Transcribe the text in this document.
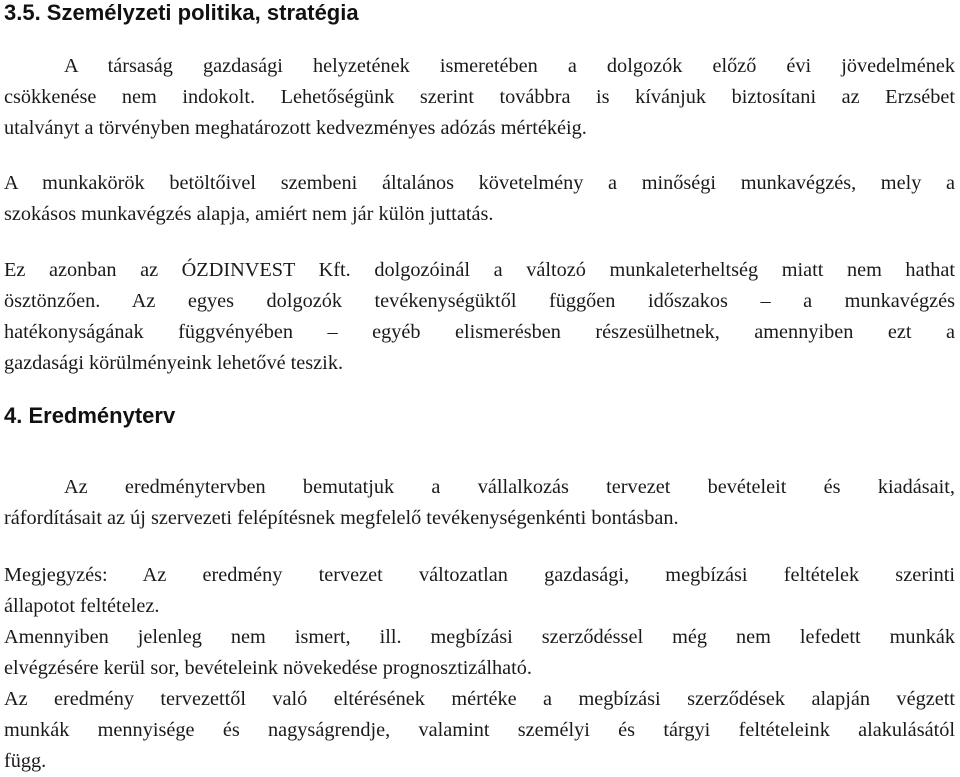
3.5. Személyzeti politika, stratégia
A társaság gazdasági helyzetének ismeretében a dolgozók előző évi jövedelmének
csökkenése nem indokolt. Lehetőségünk szerint továbbra is kívánjuk biztosítani az Erzsébet
utalványt a törvényben meghatározott kedvezményes adózás mértékéig.
A munkakörök betöltőivel szembeni általános követelmény a minőségi munkavégzés, mely a
szokásos munkavégzés alapja, amiért nem jár külön juttatás.
Ez azonban az ÓZDINVEST Kft. dolgozóinál a változó munkaleterheltség miatt nem hathat
ösztönzően. Az egyes dolgozók tevékenységüktől függően időszakos – a munkavégzés
hatékonyságának függvényében – egyéb elismerésben részesülhetnek, amennyiben ezt a
gazdasági körülményeink lehetővé teszik.
4. Eredményterv
Az eredménytervben bemutatjuk a vállalkozás tervezet bevételeit és kiadásait,
ráfordításait az új szervezeti felépítésnek megfelelő tevékenységenkénti bontásban.
Megjegyzés: Az eredmény tervezet változatlan gazdasági, megbízási feltételek szerinti
állapotot feltételez.
Amennyiben jelenleg nem ismert, ill. megbízási szerződéssel még nem lefedett munkák
elvégzésére kerül sor, bevételeink növekedése prognosztizálható.
Az eredmény tervezettől való eltérésének mértéke a megbízási szerződések alapján végzett
munkák mennyisége és nagyságrendje, valamint személyi és tárgyi feltételeink alakulásától
függ.
